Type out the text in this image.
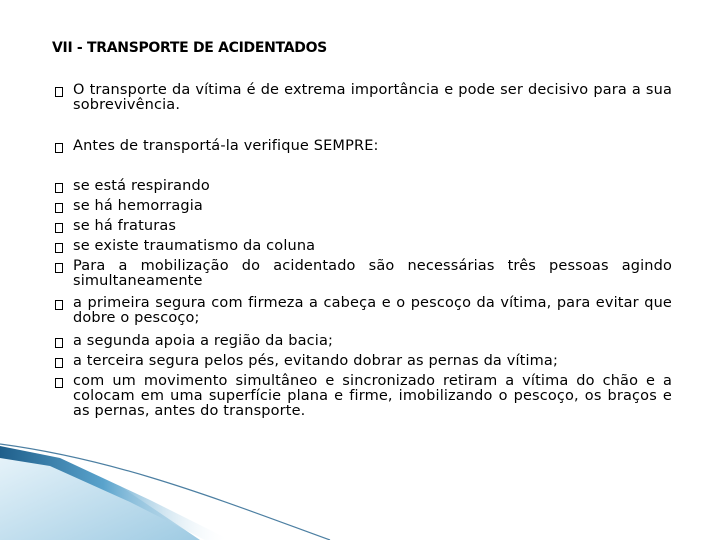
VII - TRANSPORTE DE ACIDENTADOS
O transporte da vítima é de extrema importância e pode ser decisivo para a sua sobrevivência.
Antes de transportá-la verifique SEMPRE:
se está respirando
se há hemorragia
se há fraturas
se existe traumatismo da coluna
Para a mobilização do acidentado são necessárias três pessoas agindo simultaneamente
a primeira segura com firmeza a cabeça e o pescoço da vítima, para evitar que dobre o pescoço;
a segunda apoia a região da bacia;
a terceira segura pelos pés, evitando dobrar as pernas da vítima;
com um movimento simultâneo e sincronizado retiram a vítima do chão e a colocam em uma superfície plana e firme, imobilizando o pescoço, os braços e as pernas, antes do transporte.
